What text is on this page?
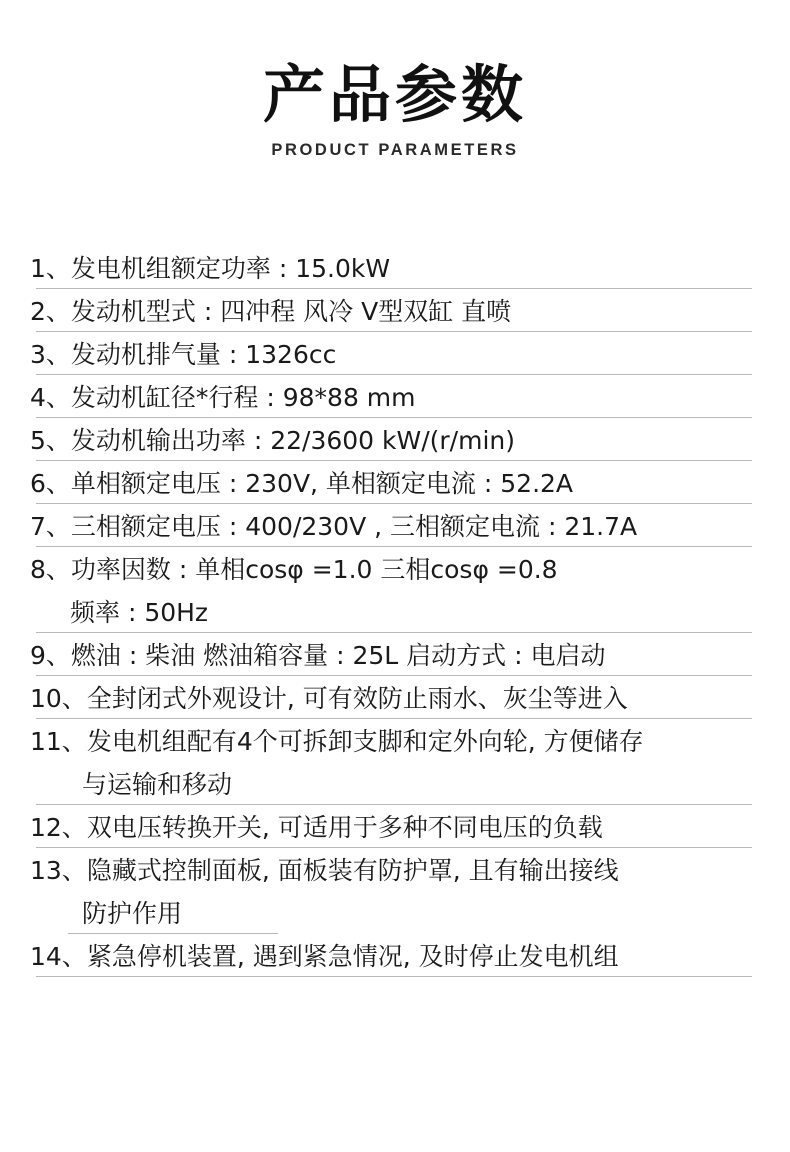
产品参数
PRODUCT PARAMETERS
1、 发电机组额定功率 : 15.0kW
2、 发动机型式 : 四冲程 风冷 V型双缸 直喷
3、 发动机排气量 : 1326cc
4、 发动机缸径*行程 : 98*88 mm
5、 发动机输出功率 : 22/3600 kW/(r/min)
6、 单相额定电压 : 230V, 单相额定电流 : 52.2A
7、 三相额定电压 : 400/230V , 三相额定电流 : 21.7A
8、 功率因数 : 单相cosφ =1.0 三相cosφ =0.8
频率 : 50Hz
9、 燃油 : 柴油 燃油箱容量 : 25L 启动方式 : 电启动
10、 全封闭式外观设计, 可有效防止雨水、灰尘等进入
11、 发电机组配有4个可拆卸支脚和定外向轮, 方便储存
与运输和移动
12、 双电压转换开关, 可适用于多种不同电压的负载
13、 隐藏式控制面板, 面板装有防护罩, 且有输出接线
防护作用
14、 紧急停机装置, 遇到紧急情况, 及时停止发电机组
